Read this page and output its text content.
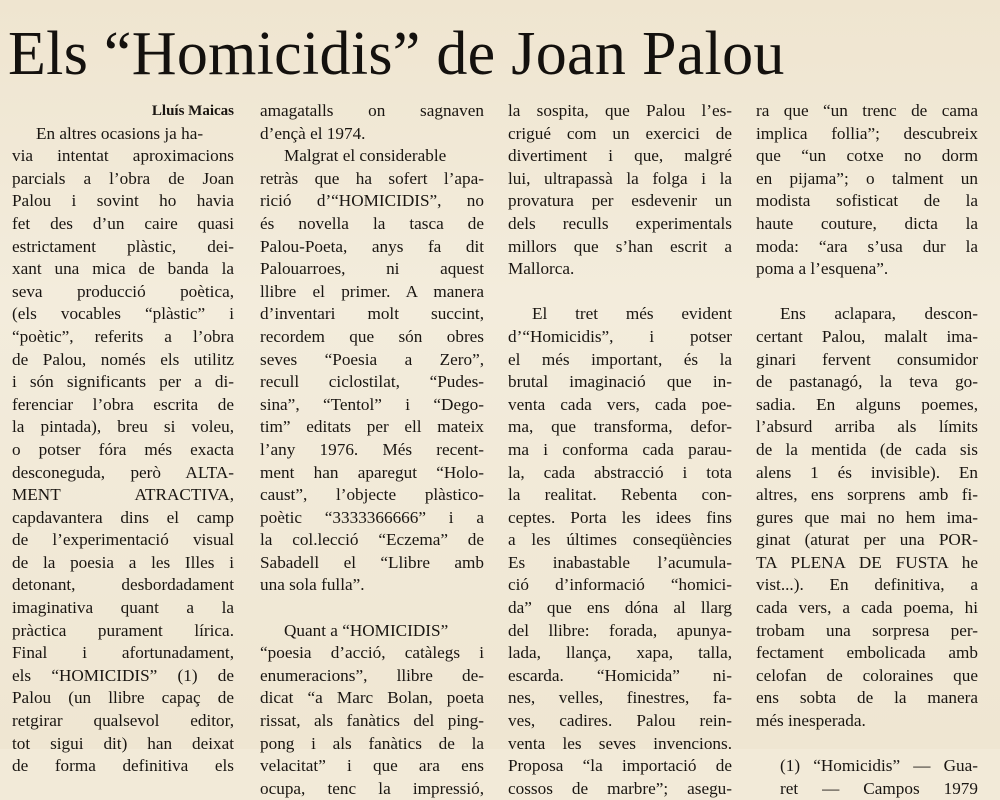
Els “Homicidis” de Joan Palou
Lluís Maicas
En altres ocasions ja ha-
via intentat aproximacions
parcials a l’obra de Joan
Palou i sovint ho havia
fet des d’un caire quasi
estrictament plàstic, dei-
xant una mica de banda la
seva producció poètica,
(els vocables “plàstic” i
“poètic”, referits a l’obra
de Palou, només els utilitz
i són significants per a di-
ferenciar l’obra escrita de
la pintada), breu si voleu,
o potser fóra més exacta
desconeguda, però ALTA-
MENT ATRACTIVA,
capdavantera dins el camp
de l’experimentació visual
de la poesia a les Illes i
detonant, desbordadament
imaginativa quant a la
pràctica purament lírica.
Final i afortunadament,
els “HOMICIDIS” (1) de
Palou (un llibre capaç de
retgirar qualsevol editor,
tot sigui dit) han deixat
de forma definitiva els
amagatalls on sagnaven
d’ençà el 1974.
Malgrat el considerable
retràs que ha sofert l’apa-
rició d’“HOMICIDIS”, no
és novella la tasca de
Palou-Poeta, anys fa dit
Palouarroes, ni aquest
llibre el primer. A manera
d’inventari molt succint,
recordem que són obres
seves “Poesia a Zero”,
recull ciclostilat, “Pudes-
sina”, “Tentol” i “Dego-
tim” editats per ell mateix
l’any 1976. Més recent-
ment han aparegut “Holo-
caust”, l’objecte plàstico-
poètic “3333366666” i a
la col.lecció “Eczema” de
Sabadell el “Llibre amb
una sola fulla”.
Quant a “HOMICIDIS”
“poesia d’acció, catàlegs i
enumeracions”, llibre de-
dicat “a Marc Bolan, poeta
rissat, als fanàtics del ping-
pong i als fanàtics de la
velacitat” i que ara ens
ocupa, tenc la impressió,
la sospita, que Palou l’es-
crigué com un exercici de
divertiment i que, malgré
lui, ultrapassà la folga i la
provatura per esdevenir un
dels reculls experimentals
millors que s’han escrit a
Mallorca.
El tret més evident
d’“Homicidis”, i potser
el més important, és la
brutal imaginació que in-
venta cada vers, cada poe-
ma, que transforma, defor-
ma i conforma cada parau-
la, cada abstracció i tota
la realitat. Rebenta con-
ceptes. Porta les idees fins
a les últimes conseqüències
Es inabastable l’acumula-
ció d’informació “homici-
da” que ens dóna al llarg
del llibre: forada, apunya-
lada, llança, xapa, talla,
escarda. “Homicida” ni-
nes, velles, finestres, fa-
ves, cadires. Palou rein-
venta les seves invencions.
Proposa “la importació de
cossos de marbre”; asegu-
ra que “un trenc de cama
implica follia”; descubreix
que “un cotxe no dorm
en pijama”; o talment un
modista sofisticat de la
haute couture, dicta la
moda: “ara s’usa dur la
poma a l’esquena”.
Ens aclapara, descon-
certant Palou, malalt ima-
ginari fervent consumidor
de pastanagó, la teva go-
sadia. En alguns poemes,
l’absurd arriba als límits
de la mentida (de cada sis
alens 1 és invisible). En
altres, ens sorprens amb fi-
gures que mai no hem ima-
ginat (aturat per una POR-
TA PLENA DE FUSTA he
vist...). En definitiva, a
cada vers, a cada poema, hi
trobam una sorpresa per-
fectament embolicada amb
celofan de coloraines que
ens sobta de la manera
més inesperada.
(1) “Homicidis” — Gua-
ret — Campos 1979
